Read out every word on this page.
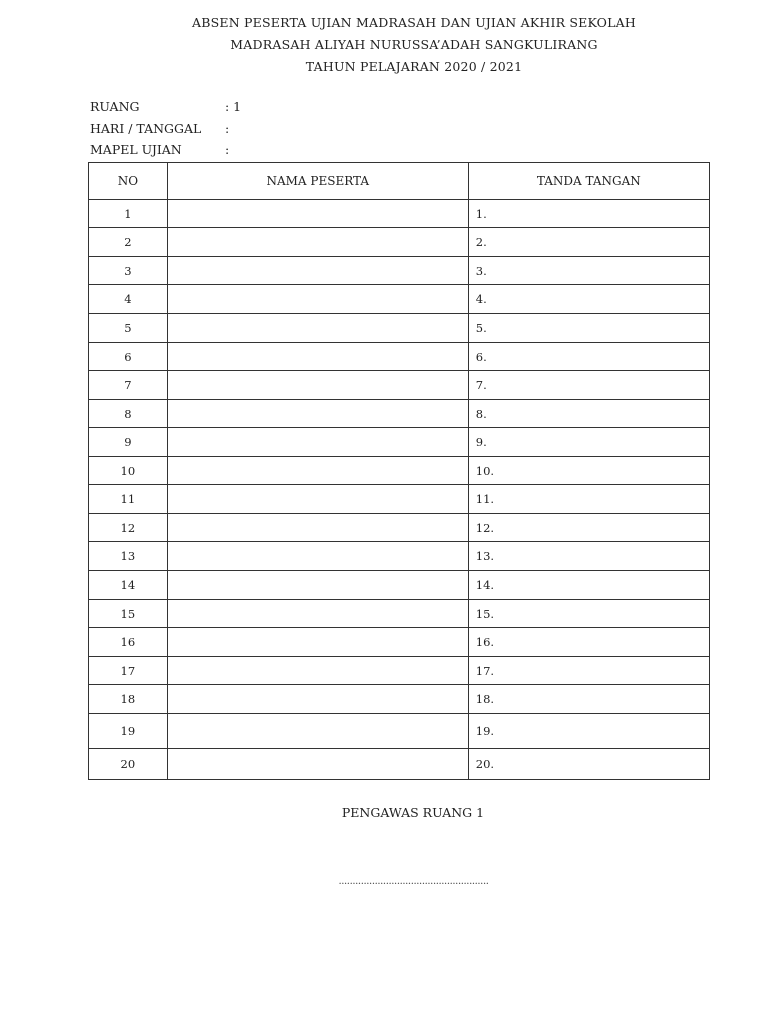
ABSEN PESERTA UJIAN MADRASAH DAN UJIAN AKHIR SEKOLAH
MADRASAH ALIYAH NURUSSA’ADAH SANGKULIRANG
TAHUN PELAJARAN 2020 / 2021
RUANG	: 1
HARI / TANGGAL	:
MAPEL UJIAN	:
NO	NAMA PESERTA	TANDA TANGAN
1		1.
2		2.
3		3.
4		4.
5		5.
6		6.
7		7.
8		8.
9		9.
10		10.
11		11.
12		12.
13		13.
14		14.
15		15.
16		16.
17		17.
18		18.
19		19.
20		20.
PENGAWAS RUANG 1
......................................................
